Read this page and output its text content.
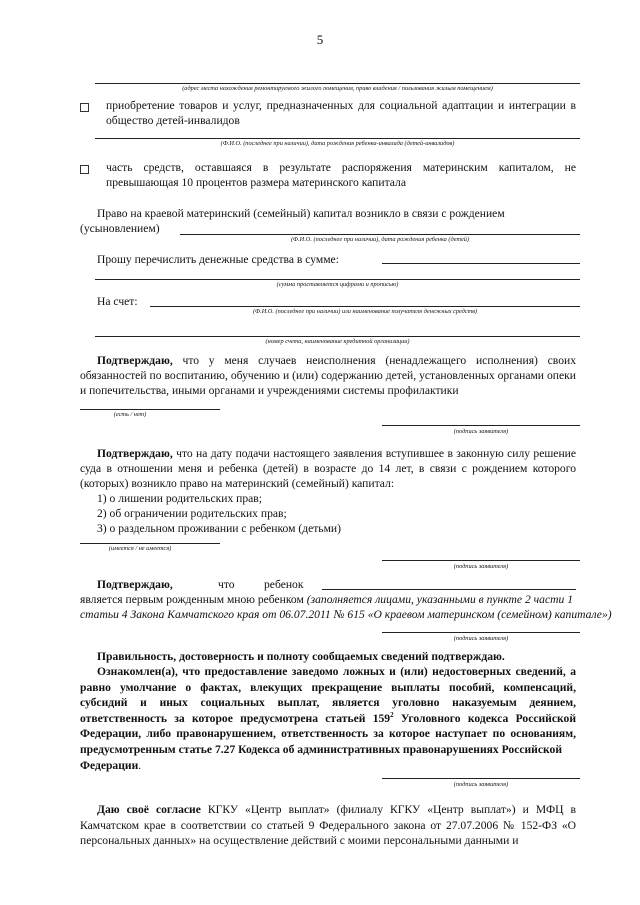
5
(адрес места нахождения ремонтируемого жилого помещения, право владения / пользования жилым помещением)
приобретение товаров и услуг, предназначенных для социальной адаптации и интеграции в общество детей-инвалидов
(Ф.И.О. (последнее при наличии), дата рождения ребенка-инвалида (детей-инвалидов)
часть средств, оставшаяся в результате распоряжения материнским капиталом, не превышающая 10 процентов размера материнского капитала
Право на краевой материнский (семейный) капитал возникло в связи с рождением
(усыновлением)
(Ф.И.О. (последнее при наличии), дата рождения ребенка (детей)
Прошу перечислить денежные средства в сумме:
(сумма проставляется цифрами и прописью)
На счет:
(Ф.И.О. (последнее при наличии) или наименование получателя денежных средств)
(номер счета, наименование кредитной организации)
Подтверждаю, что у меня случаев неисполнения (ненадлежащего исполнения) своих обязанностей по воспитанию, обучению и (или) содержанию детей, установленных органами опеки и попечительства, иными органами и учреждениями системы профилактики
(есть / нет)
(подпись заявителя)
Подтверждаю, что на дату подачи настоящего заявления вступившее в законную силу решение суда в отношении меня и ребенка (детей) в возрасте до 14 лет, в связи с рождением которого (которых) возникло право на материнский (семейный) капитал:
1) о лишении родительских прав;
2) об ограничении родительских прав;
3) о раздельном проживании с ребенком (детьми)
(имеется / не имеется)
(подпись заявителя)
Подтверждаю,	что	ребенок
является первым рожденным мною ребенком (заполняется лицами, указанными в пункте 2 части 1
статьи 4 Закона Камчатского края от 06.07.2011 № 615 «О краевом материнском (семейном) капитале»)
(подпись заявителя)
Правильность, достоверность и полноту сообщаемых сведений подтверждаю.
Ознакомлен(а), что предоставление заведомо ложных и (или) недостоверных сведений, а равно умолчание о фактах, влекущих прекращение выплаты пособий, компенсаций, субсидий и иных социальных выплат, является уголовно наказуемым деянием, ответственность за которое предусмотрена статьей $159^2$ Уголовного кодекса Российской Федерации, либо правонарушением, ответственность за которое наступает по основаниям, предусмотренным статье 7.27 Кодекса об административных правонарушениях Российской
Федерации.
(подпись заявителя)
Даю своё согласие КГКУ «Центр выплат» (филиалу КГКУ «Центр выплат») и МФЦ в Камчатском крае в соответствии со статьей 9 Федерального закона от 27.07.2006 № 152-ФЗ «О персональных данных» на осуществление действий с моими персональными данными и
